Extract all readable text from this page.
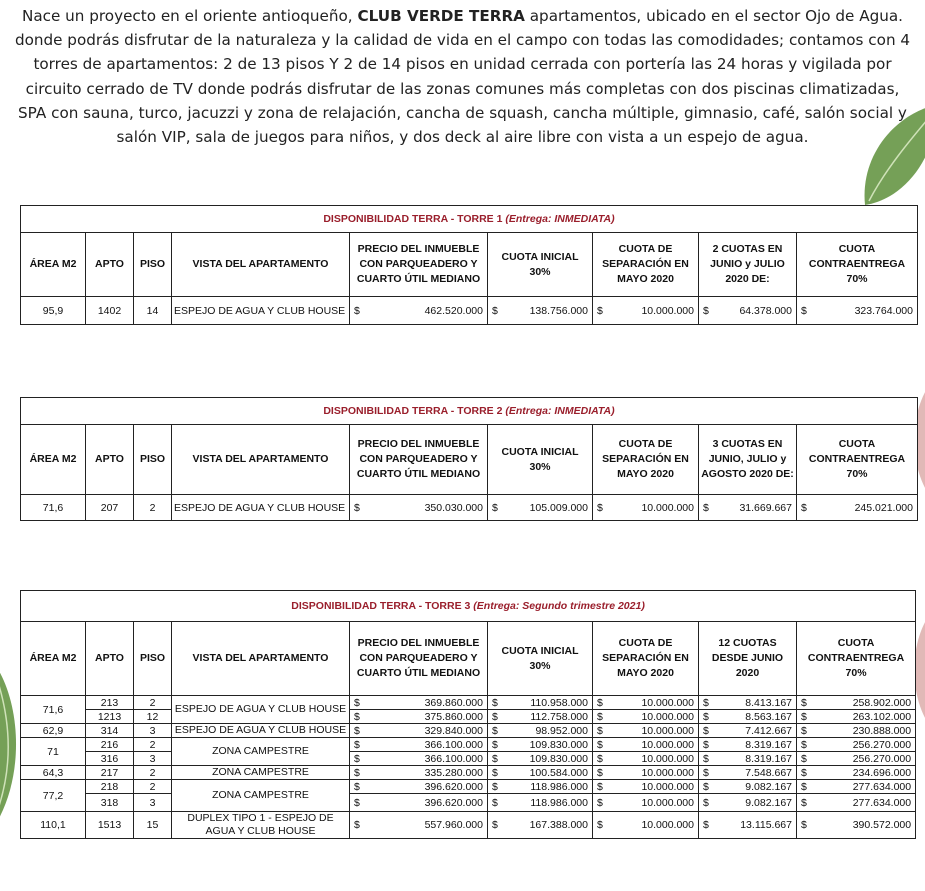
Nace un proyecto en el oriente antioqueño, CLUB VERDE TERRA apartamentos, ubicado en el sector Ojo de Agua. donde podrás disfrutar de la naturaleza y la calidad de vida en el campo con todas las comodidades; contamos con 4 torres de apartamentos: 2 de 13 pisos Y 2 de 14 pisos en unidad cerrada con portería las 24 horas y vigilada por circuito cerrado de TV donde podrás disfrutar de las zonas comunes más completas con dos piscinas climatizadas, SPA con sauna, turco, jacuzzi y zona de relajación, cancha de squash, cancha múltiple, gimnasio, café, salón social y salón VIP, sala de juegos para niños, y dos deck al aire libre con vista a un espejo de agua.
DISPONIBILIDAD TERRA - TORRE 1 (Entrega: INMEDIATA)								
ÁREA M2	APTO	PISO	VISTA DEL APARTAMENTO	PRECIO DEL INMUEBLE CON PARQUEADERO Y CUARTO ÚTIL MEDIANO	CUOTA INICIAL 30%	CUOTA DE SEPARACIÓN EN MAYO 2020	2 CUOTAS EN JUNIO y JULIO 2020 DE:	CUOTA CONTRAENTREGA 70%
95,9	1402	14	ESPEJO DE AGUA Y CLUB HOUSE	$ 462.520.000	$ 138.756.000	$ 10.000.000	$ 64.378.000	$ 323.764.000
DISPONIBILIDAD TERRA - TORRE 2 (Entrega: INMEDIATA)								
ÁREA M2	APTO	PISO	VISTA DEL APARTAMENTO	PRECIO DEL INMUEBLE CON PARQUEADERO Y CUARTO ÚTIL MEDIANO	CUOTA INICIAL 30%	CUOTA DE SEPARACIÓN EN MAYO 2020	3 CUOTAS EN JUNIO, JULIO y AGOSTO 2020 DE:	CUOTA CONTRAENTREGA 70%
71,6	207	2	ESPEJO DE AGUA Y CLUB HOUSE	$ 350.030.000	$ 105.009.000	$ 10.000.000	$ 31.669.667	$ 245.021.000
DISPONIBILIDAD TERRA - TORRE 3 (Entrega: Segundo trimestre 2021)								
ÁREA M2	APTO	PISO	VISTA DEL APARTAMENTO	PRECIO DEL INMUEBLE CON PARQUEADERO Y CUARTO ÚTIL MEDIANO	CUOTA INICIAL 30%	CUOTA DE SEPARACIÓN EN MAYO 2020	12 CUOTAS DESDE JUNIO 2020	CUOTA CONTRAENTREGA 70%
71,6	213	2	ESPEJO DE AGUA Y CLUB HOUSE	$ 369.860.000	$ 110.958.000	$ 10.000.000	$ 8.413.167	$ 258.902.000

	1213	12		$ 375.860.000	$ 112.758.000	$ 10.000.000	$ 8.563.167	$ 263.102.000

62,9	314	3	ESPEJO DE AGUA Y CLUB HOUSE	$ 329.840.000	$ 98.952.000	$ 10.000.000	$ 7.412.667	$ 230.888.000

71	216	2	ZONA CAMPESTRE	$ 366.100.000	$ 109.830.000	$ 10.000.000	$ 8.319.167	$ 256.270.000

	316	3		$ 366.100.000	$ 109.830.000	$ 10.000.000	$ 8.319.167	$ 256.270.000

64,3	217	2	ZONA CAMPESTRE	$ 335.280.000	$ 100.584.000	$ 10.000.000	$ 7.548.667	$ 234.696.000

77,2	218	2	ZONA CAMPESTRE	$ 396.620.000	$ 118.986.000	$ 10.000.000	$ 9.082.167	$ 277.634.000

	318	3		$ 396.620.000	$ 118.986.000	$ 10.000.000	$ 9.082.167	$ 277.634.000

110,1	1513	15	DUPLEX TIPO 1 - ESPEJO DE AGUA Y CLUB HOUSE	$ 557.960.000	$ 167.388.000	$ 10.000.000	$ 13.115.667	$ 390.572.000
